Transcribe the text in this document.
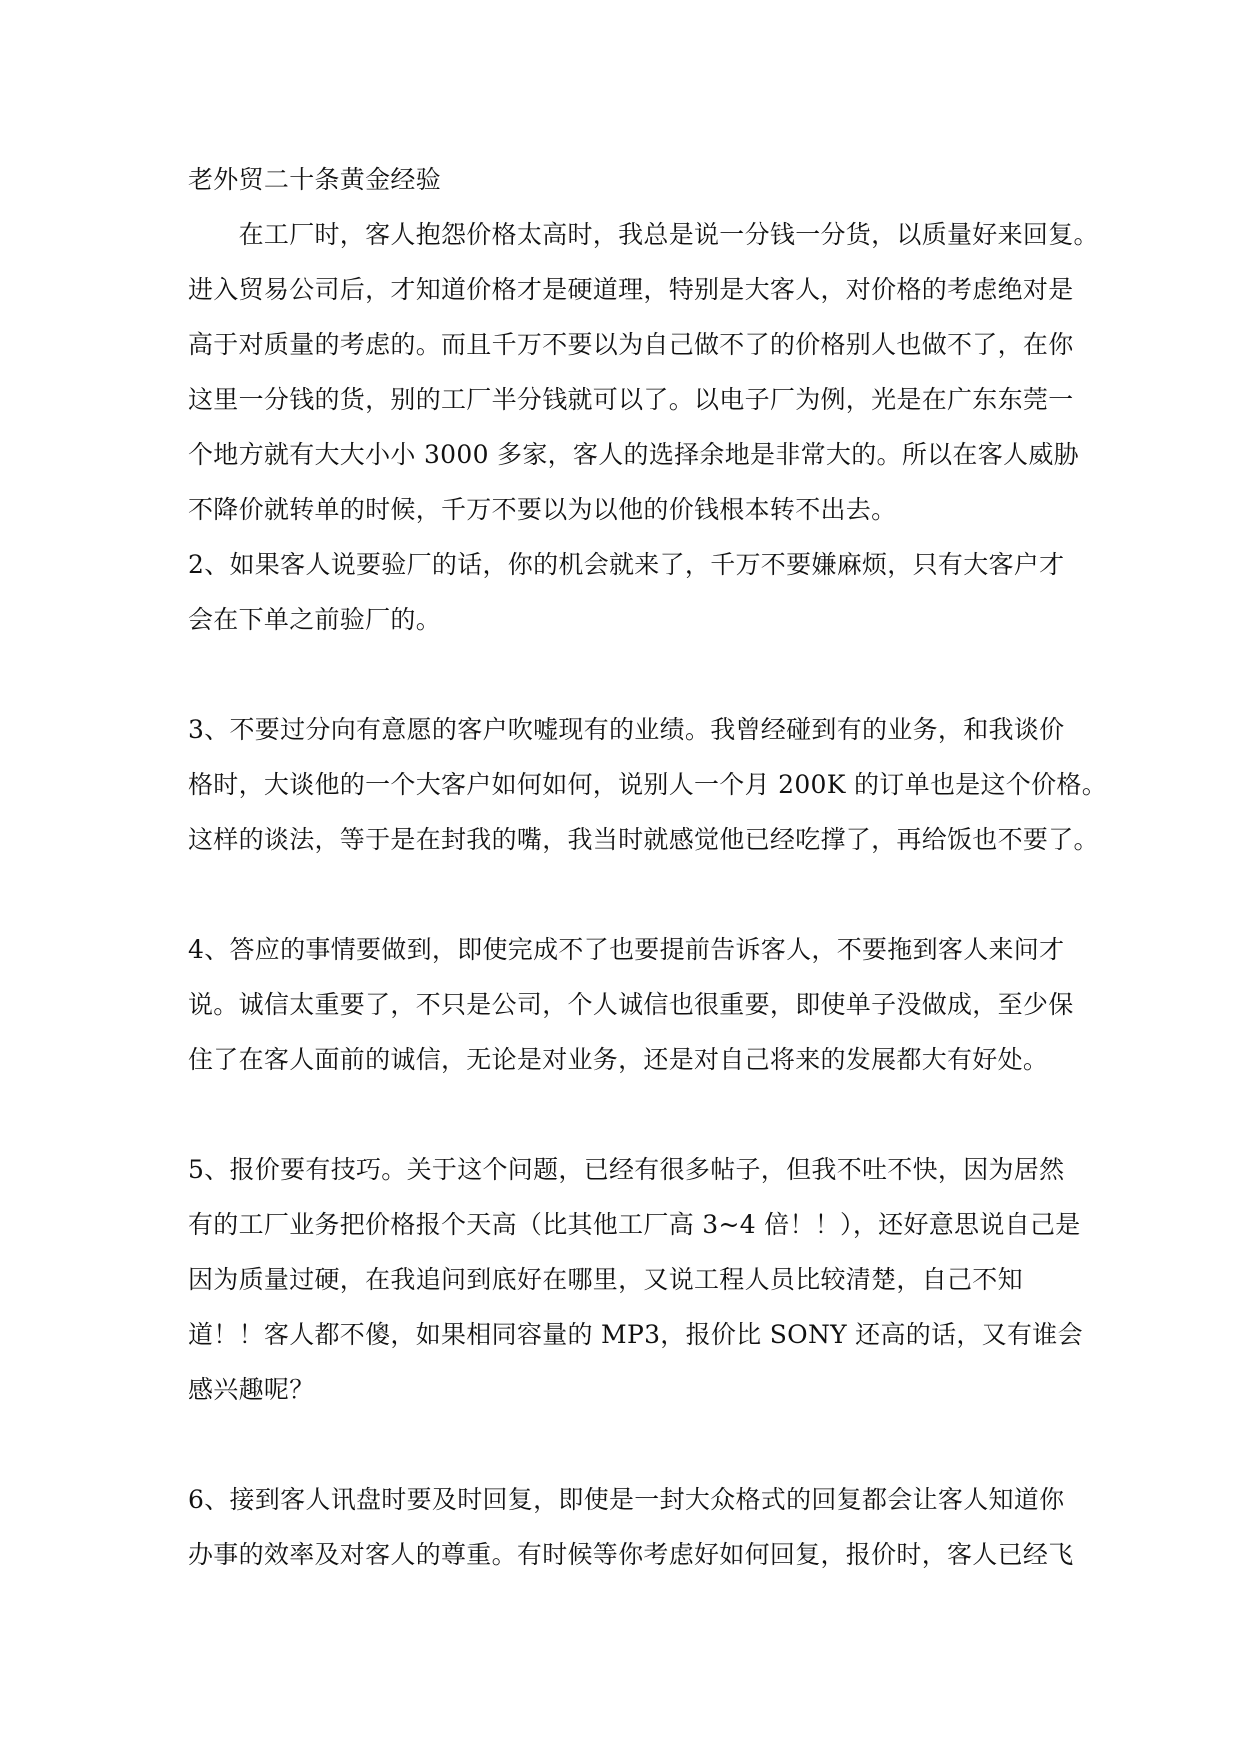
老外贸二十条黄金经验
　　在工厂时，客人抱怨价格太高时，我总是说一分钱一分货，以质量好来回复。
进入贸易公司后，才知道价格才是硬道理，特别是大客人，对价格的考虑绝对是
高于对质量的考虑的。而且千万不要以为自己做不了的价格别人也做不了，在你
这里一分钱的货，别的工厂半分钱就可以了。以电子厂为例，光是在广东东莞一
个地方就有大大小小 3000 多家，客人的选择余地是非常大的。所以在客人威胁
不降价就转单的时候，千万不要以为以他的价钱根本转不出去。
2、如果客人说要验厂的话，你的机会就来了，千万不要嫌麻烦，只有大客户才
会在下单之前验厂的。
3、不要过分向有意愿的客户吹嘘现有的业绩。我曾经碰到有的业务，和我谈价
格时，大谈他的一个大客户如何如何，说别人一个月 200K 的订单也是这个价格。
这样的谈法，等于是在封我的嘴，我当时就感觉他已经吃撑了，再给饭也不要了。
4、答应的事情要做到，即使完成不了也要提前告诉客人，不要拖到客人来问才
说。诚信太重要了，不只是公司，个人诚信也很重要，即使单子没做成，至少保
住了在客人面前的诚信，无论是对业务，还是对自己将来的发展都大有好处。
5、报价要有技巧。关于这个问题，已经有很多帖子，但我不吐不快，因为居然
有的工厂业务把价格报个天高（比其他工厂高 3~4 倍！！），还好意思说自己是
因为质量过硬，在我追问到底好在哪里，又说工程人员比较清楚，自己不知
道！！客人都不傻，如果相同容量的 MP3，报价比 SONY 还高的话，又有谁会
感兴趣呢？
6、接到客人讯盘时要及时回复，即使是一封大众格式的回复都会让客人知道你
办事的效率及对客人的尊重。有时候等你考虑好如何回复，报价时，客人已经飞
